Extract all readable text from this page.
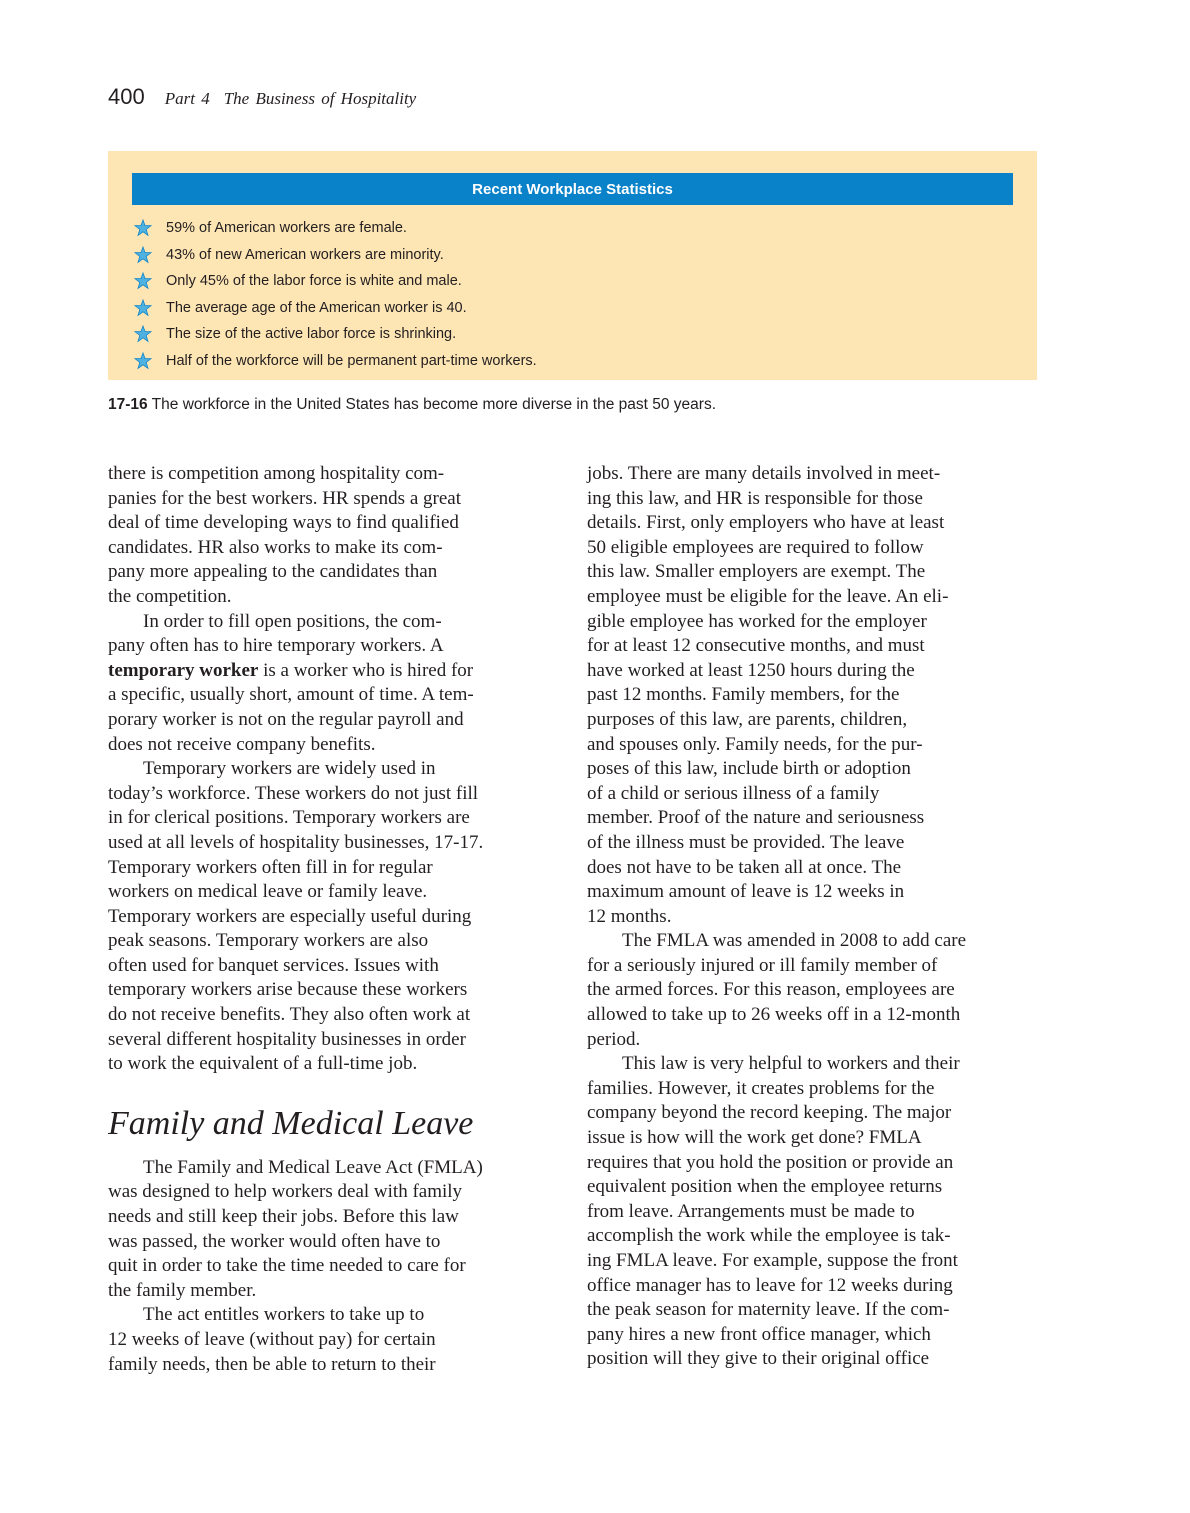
400 Part 4 The Business of Hospitality
Recent Workplace Statistics
59% of American workers are female.
43% of new American workers are minority.
Only 45% of the labor force is white and male.
The average age of the American worker is 40.
The size of the active labor force is shrinking.
Half of the workforce will be permanent part-time workers.
17-16 The workforce in the United States has become more diverse in the past 50 years.
there is competition among hospitality com-
panies for the best workers. HR spends a great
deal of time developing ways to find qualified
candidates. HR also works to make its com-
pany more appealing to the candidates than
the competition.
In order to fill open positions, the com-
pany often has to hire temporary workers. A
temporary worker is a worker who is hired for
a specific, usually short, amount of time. A tem-
porary worker is not on the regular payroll and
does not receive company benefits.
Temporary workers are widely used in
today’s workforce. These workers do not just fill
in for clerical positions. Temporary workers are
used at all levels of hospitality businesses, 17-17.
Temporary workers often fill in for regular
workers on medical leave or family leave.
Temporary workers are especially useful during
peak seasons. Temporary workers are also
often used for banquet services. Issues with
temporary workers arise because these workers
do not receive benefits. They also often work at
several different hospitality businesses in order
to work the equivalent of a full-time job.
Family and Medical Leave
The Family and Medical Leave Act (FMLA)
was designed to help workers deal with family
needs and still keep their jobs. Before this law
was passed, the worker would often have to
quit in order to take the time needed to care for
the family member.
The act entitles workers to take up to
12 weeks of leave (without pay) for certain
family needs, then be able to return to their
jobs. There are many details involved in meet-
ing this law, and HR is responsible for those
details. First, only employers who have at least
50 eligible employees are required to follow
this law. Smaller employers are exempt. The
employee must be eligible for the leave. An eli-
gible employee has worked for the employer
for at least 12 consecutive months, and must
have worked at least 1250 hours during the
past 12 months. Family members, for the
purposes of this law, are parents, children,
and spouses only. Family needs, for the pur-
poses of this law, include birth or adoption
of a child or serious illness of a family
member. Proof of the nature and seriousness
of the illness must be provided. The leave
does not have to be taken all at once. The
maximum amount of leave is 12 weeks in
12 months.
The FMLA was amended in 2008 to add care
for a seriously injured or ill family member of
the armed forces. For this reason, employees are
allowed to take up to 26 weeks off in a 12-month
period.
This law is very helpful to workers and their
families. However, it creates problems for the
company beyond the record keeping. The major
issue is how will the work get done? FMLA
requires that you hold the position or provide an
equivalent position when the employee returns
from leave. Arrangements must be made to
accomplish the work while the employee is tak-
ing FMLA leave. For example, suppose the front
office manager has to leave for 12 weeks during
the peak season for maternity leave. If the com-
pany hires a new front office manager, which
position will they give to their original office
